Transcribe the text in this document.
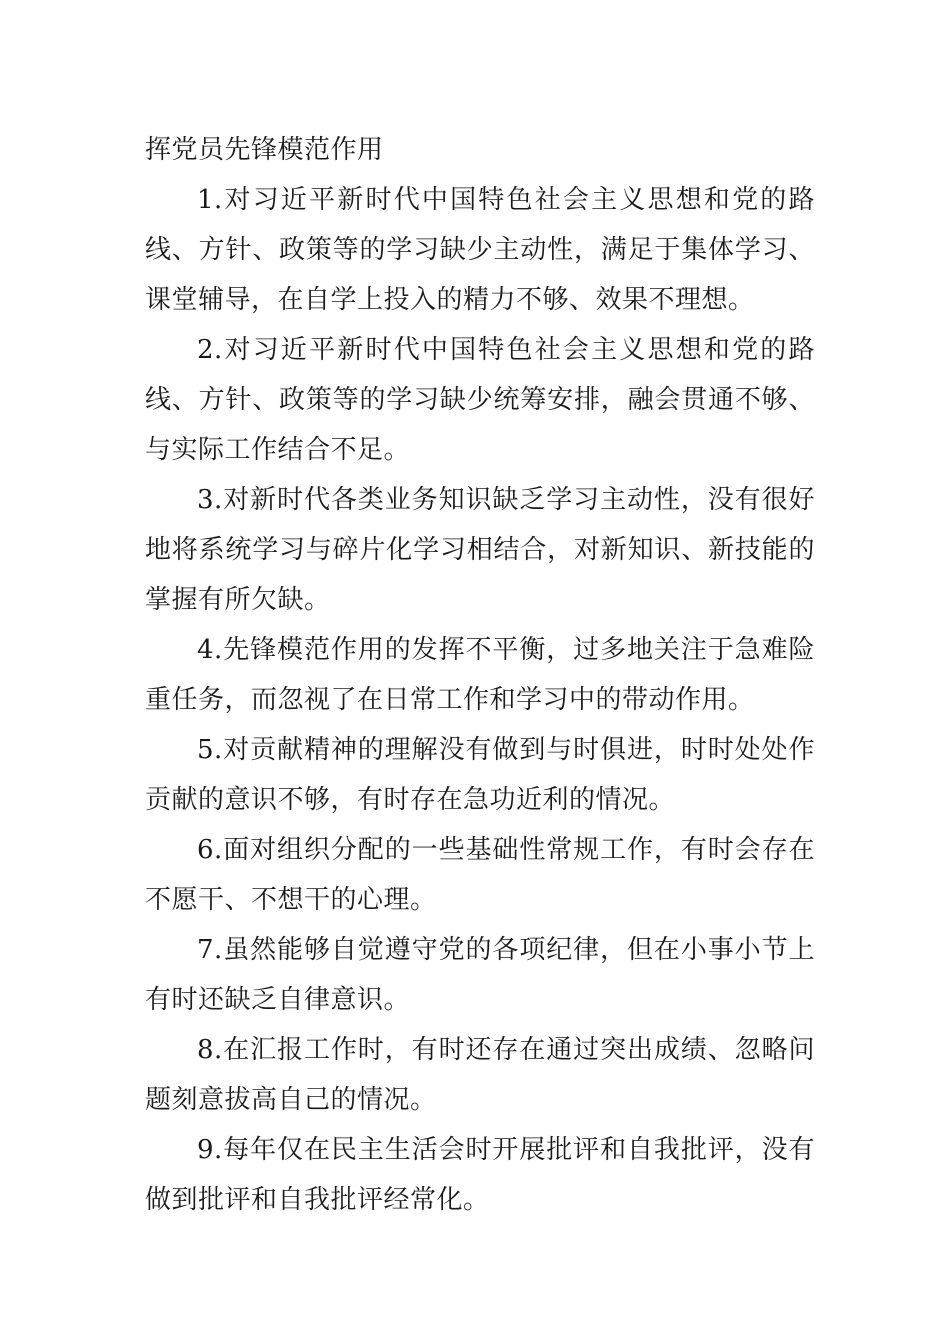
挥党员先锋模范作用

1.对习近平新时代中国特色社会主义思想和党的路线、方针、政策等的学习缺少主动性，满足于集体学习、课堂辅导，在自学上投入的精力不够、效果不理想。

2.对习近平新时代中国特色社会主义思想和党的路线、方针、政策等的学习缺少统筹安排，融会贯通不够、与实际工作结合不足。

3.对新时代各类业务知识缺乏学习主动性，没有很好地将系统学习与碎片化学习相结合，对新知识、新技能的掌握有所欠缺。

4.先锋模范作用的发挥不平衡，过多地关注于急难险重任务，而忽视了在日常工作和学习中的带动作用。

5.对贡献精神的理解没有做到与时俱进，时时处处作贡献的意识不够，有时存在急功近利的情况。

6.面对组织分配的一些基础性常规工作，有时会存在不愿干、不想干的心理。

7.虽然能够自觉遵守党的各项纪律，但在小事小节上有时还缺乏自律意识。

8.在汇报工作时，有时还存在通过突出成绩、忽略问题刻意拔高自己的情况。

9.每年仅在民主生活会时开展批评和自我批评，没有做到批评和自我批评经常化。
